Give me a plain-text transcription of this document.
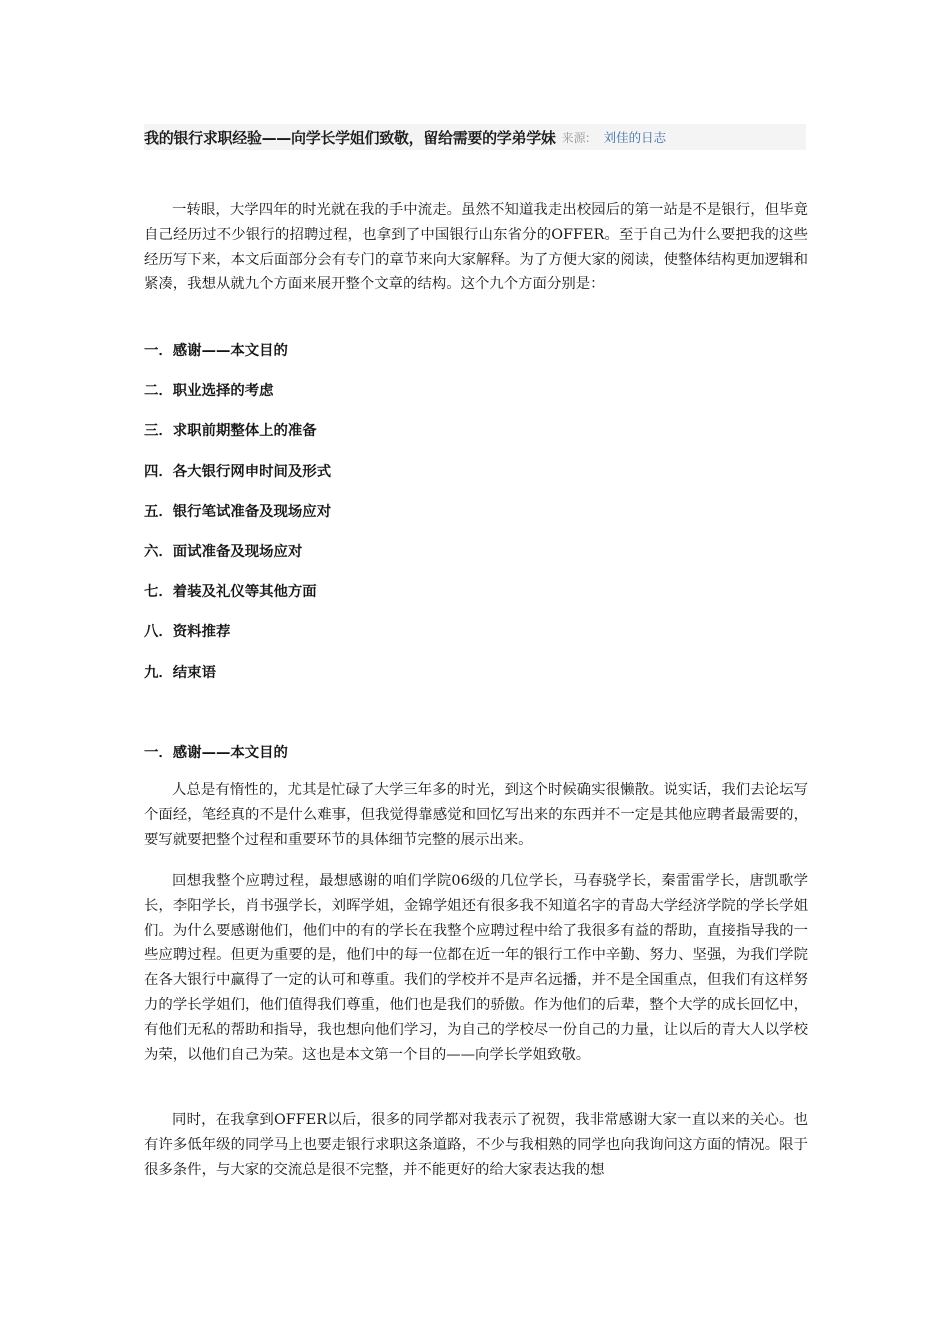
我的银行求职经验——向学长学姐们致敬，留给需要的学弟学妹 来源: 刘佳的日志

一转眼，大学四年的时光就在我的手中流走。虽然不知道我走出校园后的第一站是不是银行，但毕竟自己经历过不少银行的招聘过程，也拿到了中国银行山东省分的OFFER。至于自己为什么要把我的这些经历写下来，本文后面部分会有专门的章节来向大家解释。为了方便大家的阅读，使整体结构更加逻辑和紧凑，我想从就九个方面来展开整个文章的结构。这个九个方面分别是：

一．感谢——本文目的

二．职业选择的考虑

三．求职前期整体上的准备

四．各大银行网申时间及形式

五．银行笔试准备及现场应对

六．面试准备及现场应对

七．着装及礼仪等其他方面

八．资料推荐

九．结束语

一．感谢——本文目的

人总是有惰性的，尤其是忙碌了大学三年多的时光，到这个时候确实很懒散。说实话，我们去论坛写个面经，笔经真的不是什么难事，但我觉得靠感觉和回忆写出来的东西并不一定是其他应聘者最需要的，要写就要把整个过程和重要环节的具体细节完整的展示出来。

回想我整个应聘过程，最想感谢的咱们学院06级的几位学长，马春骁学长，秦雷雷学长，唐凯歌学长，李阳学长，肖书强学长，刘晖学姐，金锦学姐还有很多我不知道名字的青岛大学经济学院的学长学姐们。为什么要感谢他们，他们中的有的学长在我整个应聘过程中给了我很多有益的帮助，直接指导我的一些应聘过程。但更为重要的是，他们中的每一位都在近一年的银行工作中辛勤、努力、坚强，为我们学院在各大银行中赢得了一定的认可和尊重。我们的学校并不是声名远播，并不是全国重点，但我们有这样努力的学长学姐们，他们值得我们尊重，他们也是我们的骄傲。作为他们的后辈，整个大学的成长回忆中，有他们无私的帮助和指导，我也想向他们学习，为自己的学校尽一份自己的力量，让以后的青大人以学校为荣，以他们自己为荣。这也是本文第一个目的——向学长学姐致敬。

同时，在我拿到OFFER以后，很多的同学都对我表示了祝贺，我非常感谢大家一直以来的关心。也有许多低年级的同学马上也要走银行求职这条道路，不少与我相熟的同学也向我询问这方面的情况。限于很多条件，与大家的交流总是很不完整，并不能更好的给大家表达我的想
